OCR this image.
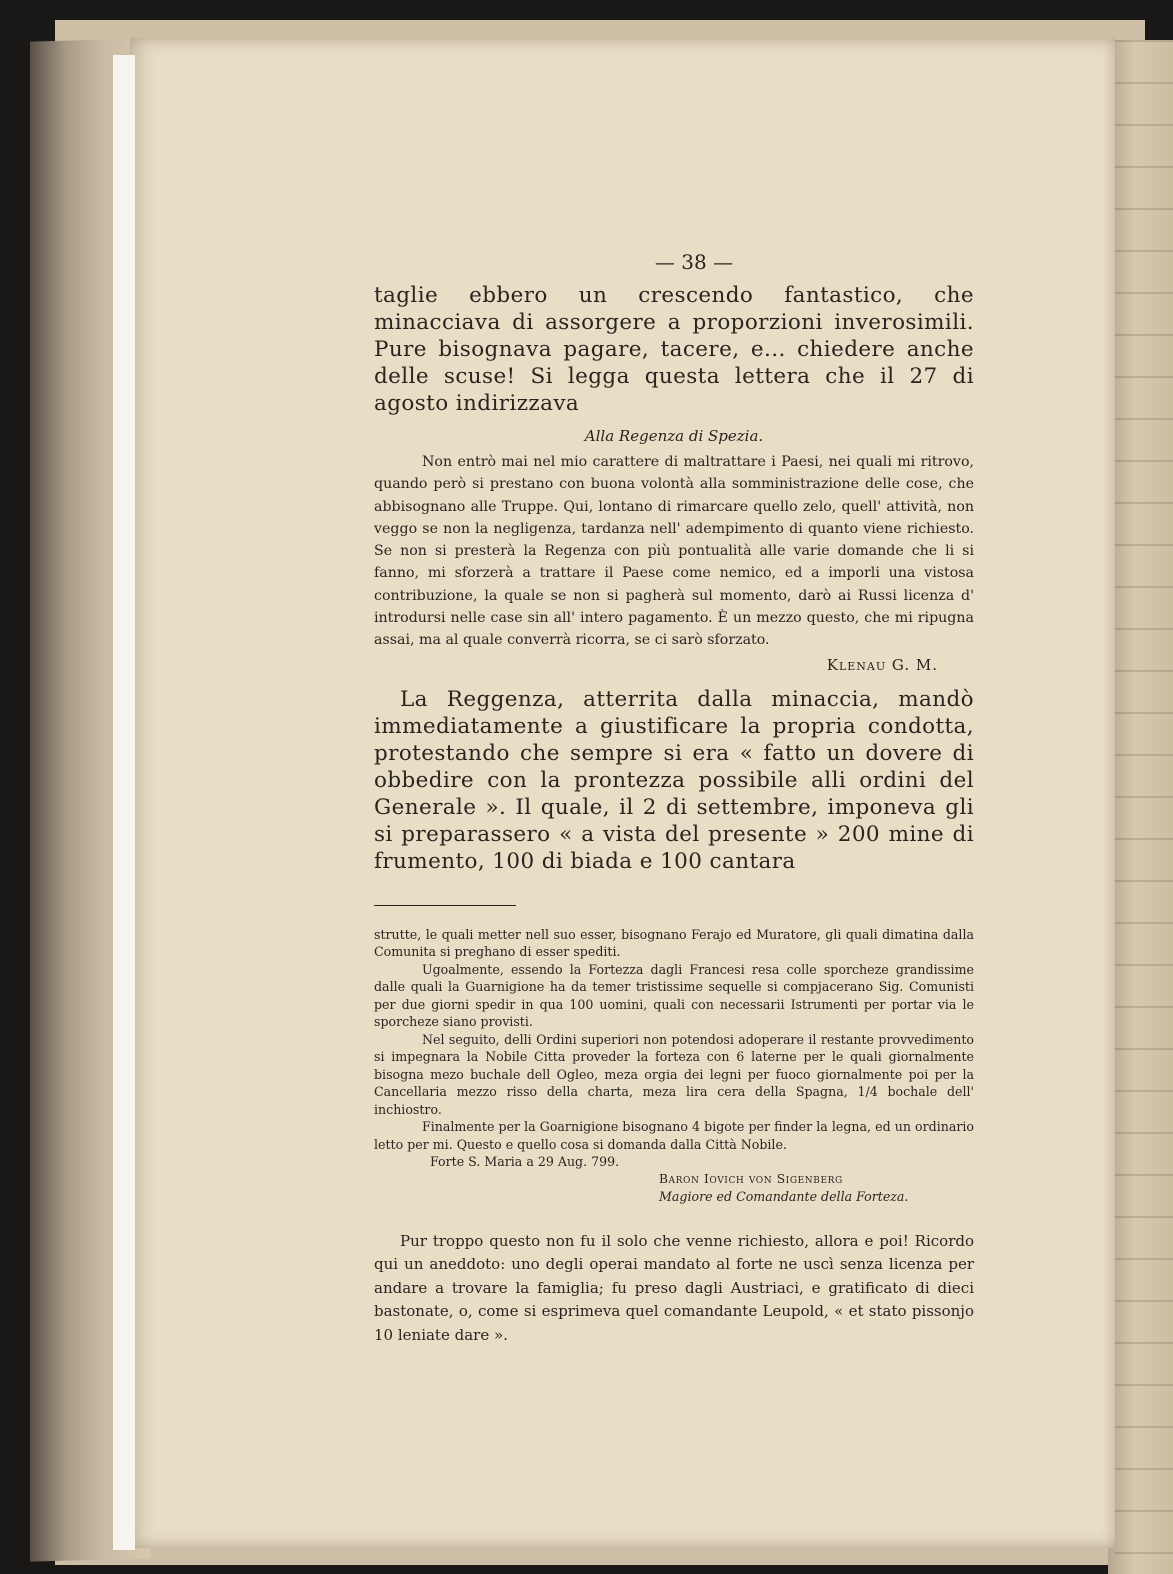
— 38 —

taglie ebbero un crescendo fantastico, che minacciava di assorgere a proporzioni inverosimili. Pure bisognava pagare, tacere, e... chiedere anche delle scuse! Si legga questa lettera che il 27 di agosto indirizzava

Alla Regenza di Spezia.

Non entrò mai nel mio carattere di maltrattare i Paesi, nei quali mi ritrovo, quando però si prestano con buona volontà alla somministrazione delle cose, che abbisognano alle Truppe. Qui, lontano di rimarcare quello zelo, quell' attività, non veggo se non la negligenza, tardanza nell' adempimento di quanto viene richiesto. Se non si presterà la Regenza con più pontualità alle varie domande che li si fanno, mi sforzerà a trattare il Paese come nemico, ed a imporli una vistosa contribuzione, la quale se non si pagherà sul momento, darò ai Russi licenza d' introdursi nelle case sin all' intero pagamento. È un mezzo questo, che mi ripugna assai, ma al quale converrà ricorra, se ci sarò sforzato.

Klenau G. M.

La Reggenza, atterrita dalla minaccia, mandò immediatamente a giustificare la propria condotta, protestando che sempre si era « fatto un dovere di obbedire con la prontezza possibile alli ordini del Generale ». Il quale, il 2 di settembre, imponeva gli si preparassero « a vista del presente » 200 mine di frumento, 100 di biada e 100 cantara

strutte, le quali metter nell suo esser, bisognano Ferajo ed Muratore, gli quali dimatina dalla Comunita si preghano di esser spediti.

Ugoalmente, essendo la Fortezza dagli Francesi resa colle sporcheze grandissime dalle quali la Guarnigione ha da temer tristissime sequelle si compjacerano Sig. Comunisti per due giorni spedir in qua 100 uomini, quali con necessarii Istrumenti per portar via le sporcheze siano provisti.

Nel seguito, delli Ordini superiori non potendosi adoperare il restante provvedimento si impegnara la Nobile Citta proveder la forteza con 6 laterne per le quali giornalmente bisogna mezo buchale dell Ogleo, meza orgia dei legni per fuoco giornalmente poi per la Cancellaria mezzo risso della charta, meza lira cera della Spagna, 1/4 bochale dell' inchiostro.

Finalmente per la Goarnigione bisognano 4 bigote per finder la legna, ed un ordinario letto per mi. Questo e quello cosa si domanda dalla Città Nobile.

Forte S. Maria a 29 Aug. 799.

Baron Iovich von Sigenberg

Magiore ed Comandante della Forteza.

Pur troppo questo non fu il solo che venne richiesto, allora e poi! Ricordo qui un aneddoto: uno degli operai mandato al forte ne uscì senza licenza per andare a trovare la famiglia; fu preso dagli Austriaci, e gratificato di dieci bastonate, o, come si esprimeva quel comandante Leupold, « et stato pissonjo 10 leniate dare ».
